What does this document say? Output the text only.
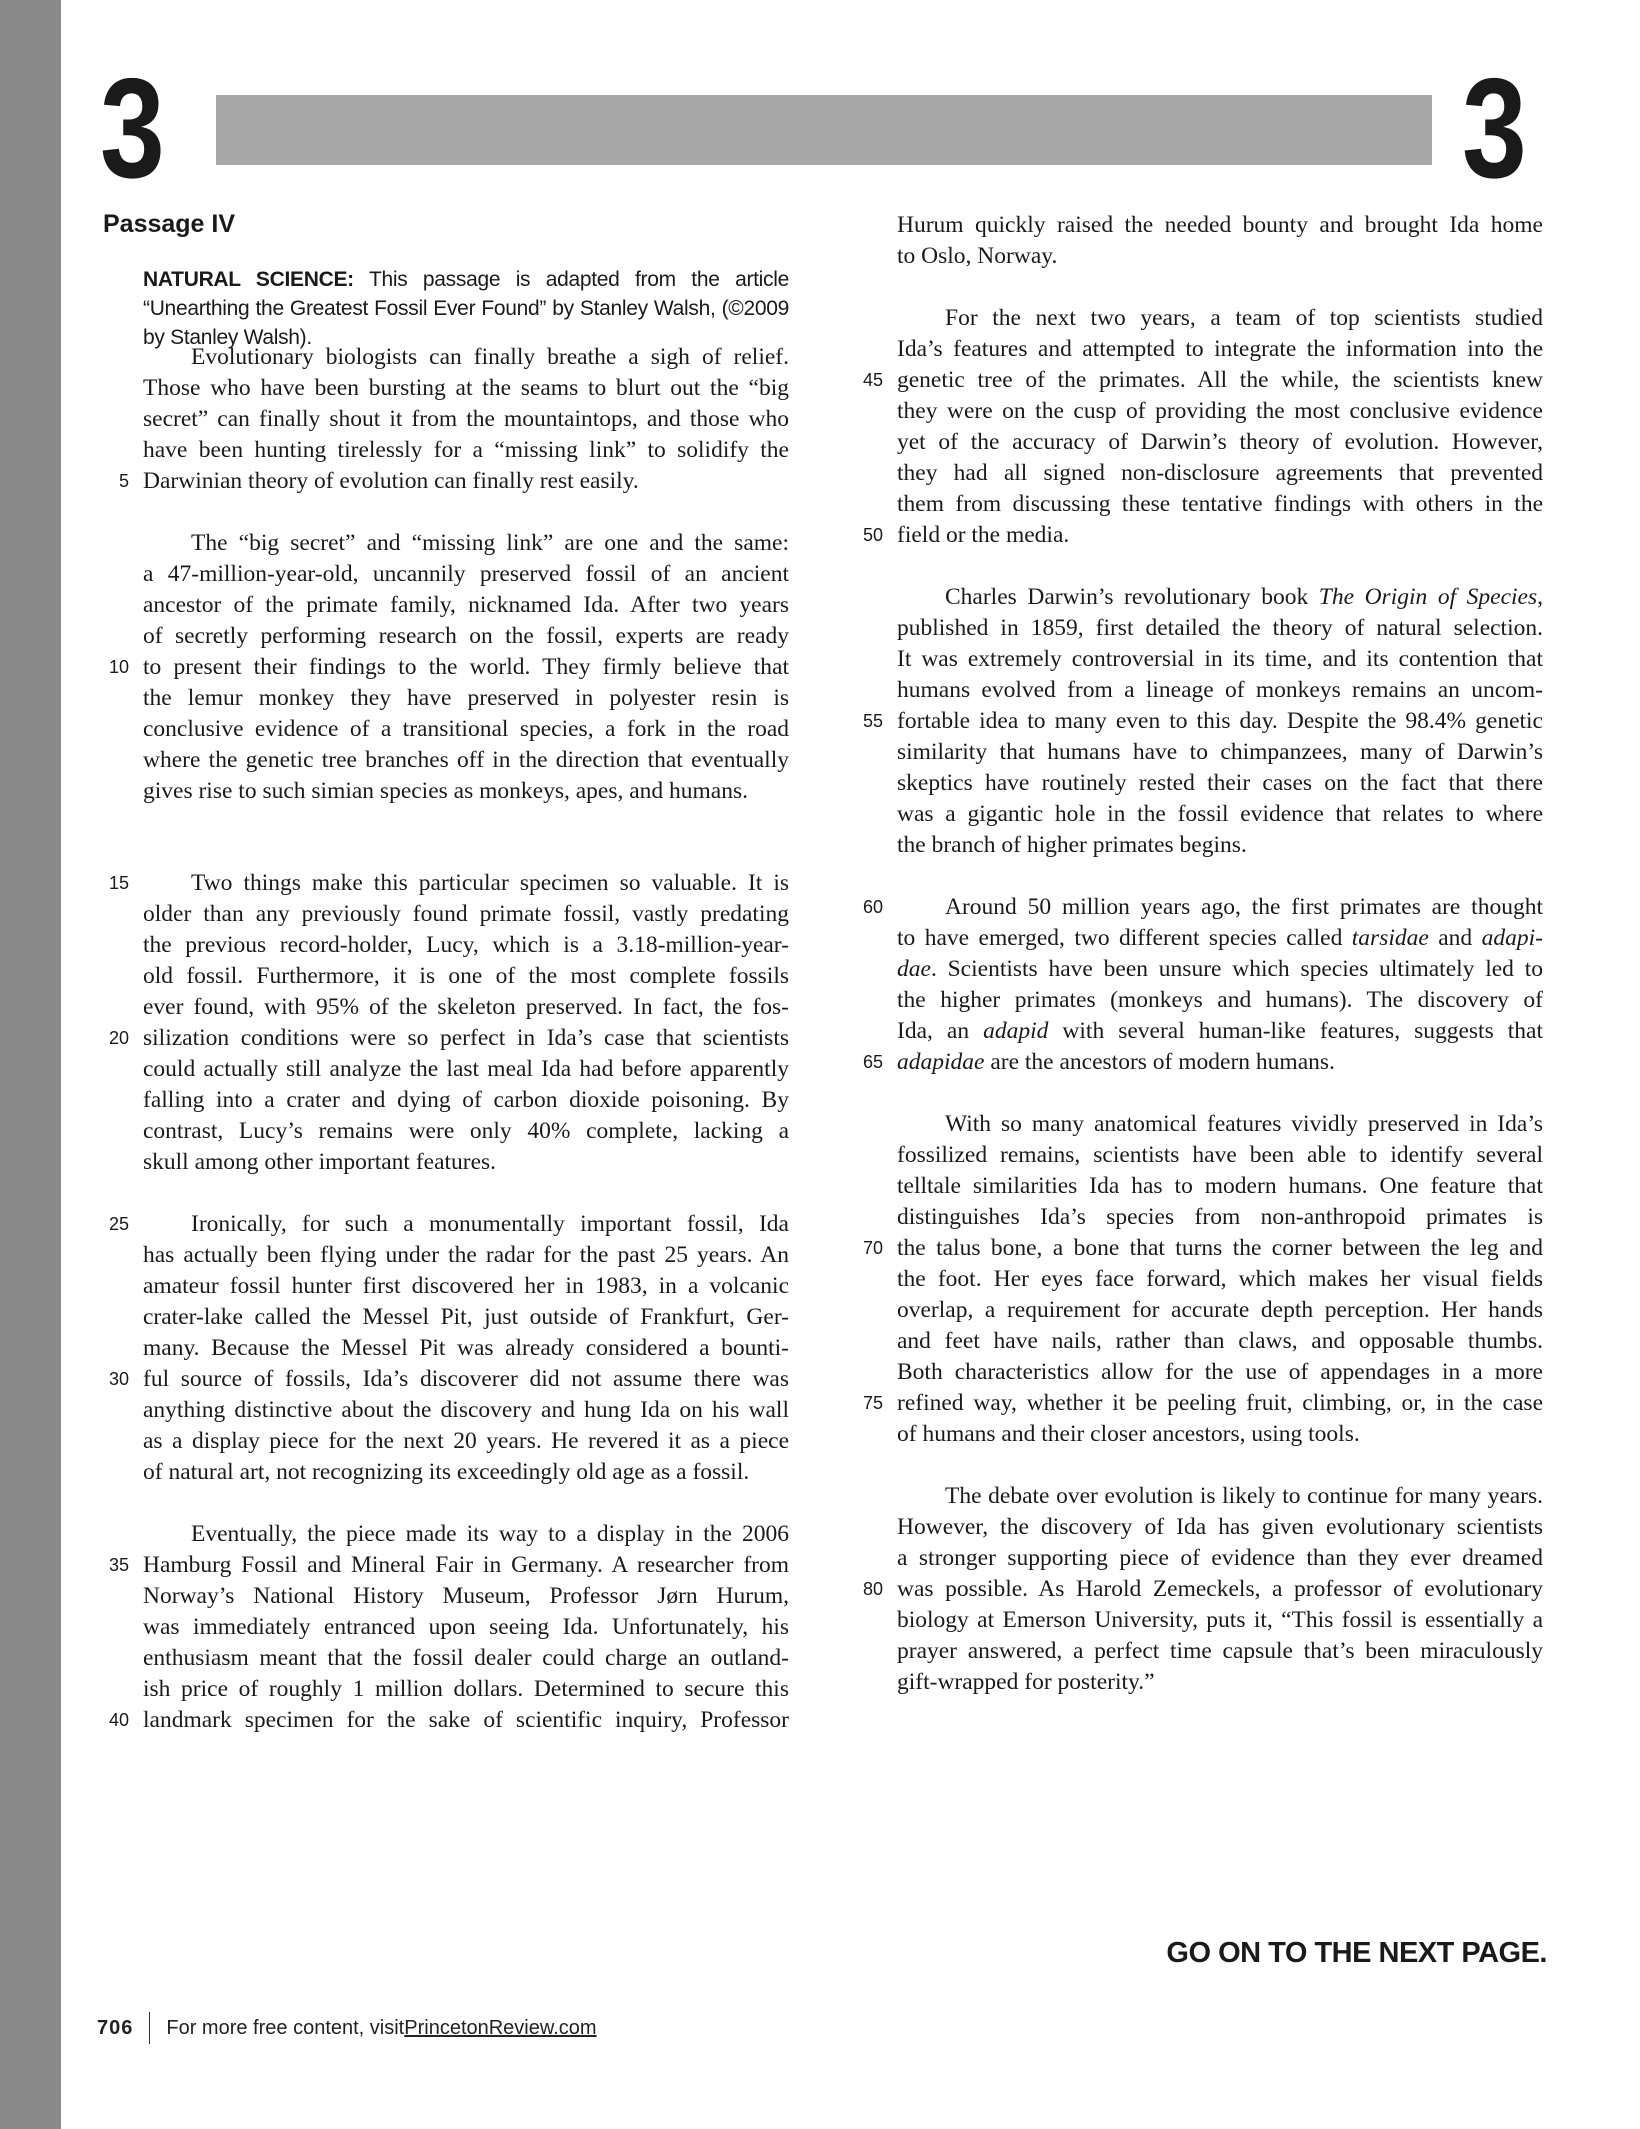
3	3
Passage IV
NATURAL SCIENCE: This passage is adapted from the article “Unearthing the Greatest Fossil Ever Found” by Stanley Walsh, (©2009 by Stanley Walsh).
Evolutionary biologists can finally breathe a sigh of relief.
Those who have been bursting at the seams to blurt out the “big
secret” can finally shout it from the mountaintops, and those who
have been hunting tirelessly for a “missing link” to solidify the
Darwinian theory of evolution can finally rest easily.
5
The “big secret” and “missing link” are one and the same:
a 47-million-year-old, uncannily preserved fossil of an ancient
ancestor of the primate family, nicknamed Ida. After two years
of secretly performing research on the fossil, experts are ready
to present their findings to the world. They firmly believe that
10
the lemur monkey they have preserved in polyester resin is
conclusive evidence of a transitional species, a fork in the road
where the genetic tree branches off in the direction that eventually
gives rise to such simian species as monkeys, apes, and humans.
Two things make this particular specimen so valuable. It is
15
older than any previously found primate fossil, vastly predating
the previous record-holder, Lucy, which is a 3.18-million-year-
old fossil. Furthermore, it is one of the most complete fossils
ever found, with 95% of the skeleton preserved. In fact, the fos-
silization conditions were so perfect in Ida’s case that scientists
20
could actually still analyze the last meal Ida had before apparently
falling into a crater and dying of carbon dioxide poisoning. By
contrast, Lucy’s remains were only 40% complete, lacking a
skull among other important features.
Ironically, for such a monumentally important fossil, Ida
25
has actually been flying under the radar for the past 25 years. An
amateur fossil hunter first discovered her in 1983, in a volcanic
crater-lake called the Messel Pit, just outside of Frankfurt, Ger-
many. Because the Messel Pit was already considered a bounti-
ful source of fossils, Ida’s discoverer did not assume there was
30
anything distinctive about the discovery and hung Ida on his wall
as a display piece for the next 20 years. He revered it as a piece
of natural art, not recognizing its exceedingly old age as a fossil.
Eventually, the piece made its way to a display in the 2006
Hamburg Fossil and Mineral Fair in Germany. A researcher from
35
Norway’s National History Museum, Professor Jørn Hurum,
was immediately entranced upon seeing Ida. Unfortunately, his
enthusiasm meant that the fossil dealer could charge an outland-
ish price of roughly 1 million dollars. Determined to secure this
landmark specimen for the sake of scientific inquiry, Professor
40
Hurum quickly raised the needed bounty and brought Ida home
to Oslo, Norway.
For the next two years, a team of top scientists studied
Ida’s features and attempted to integrate the information into the
genetic tree of the primates. All the while, the scientists knew
45
they were on the cusp of providing the most conclusive evidence
yet of the accuracy of Darwin’s theory of evolution. However,
they had all signed non-disclosure agreements that prevented
them from discussing these tentative findings with others in the
field or the media.
50
Charles Darwin’s revolutionary book The Origin of Species,
published in 1859, first detailed the theory of natural selection.
It was extremely controversial in its time, and its contention that
humans evolved from a lineage of monkeys remains an uncom-
fortable idea to many even to this day. Despite the 98.4% genetic
55
similarity that humans have to chimpanzees, many of Darwin’s
skeptics have routinely rested their cases on the fact that there
was a gigantic hole in the fossil evidence that relates to where
the branch of higher primates begins.
Around 50 million years ago, the first primates are thought
60
to have emerged, two different species called tarsidae and adapi-
dae. Scientists have been unsure which species ultimately led to
the higher primates (monkeys and humans). The discovery of
Ida, an adapid with several human-like features, suggests that
adapidae are the ancestors of modern humans.
65
With so many anatomical features vividly preserved in Ida’s
fossilized remains, scientists have been able to identify several
telltale similarities Ida has to modern humans. One feature that
distinguishes Ida’s species from non-anthropoid primates is
the talus bone, a bone that turns the corner between the leg and
70
the foot. Her eyes face forward, which makes her visual fields
overlap, a requirement for accurate depth perception. Her hands
and feet have nails, rather than claws, and opposable thumbs.
Both characteristics allow for the use of appendages in a more
refined way, whether it be peeling fruit, climbing, or, in the case
75
of humans and their closer ancestors, using tools.
The debate over evolution is likely to continue for many years.
However, the discovery of Ida has given evolutionary scientists
a stronger supporting piece of evidence than they ever dreamed
was possible. As Harold Zemeckels, a professor of evolutionary
80
biology at Emerson University, puts it, “This fossil is essentially a
prayer answered, a perfect time capsule that’s been miraculously
gift-wrapped for posterity.”
GO ON TO THE NEXT PAGE.
706 For more free content, visit PrincetonReview.com
